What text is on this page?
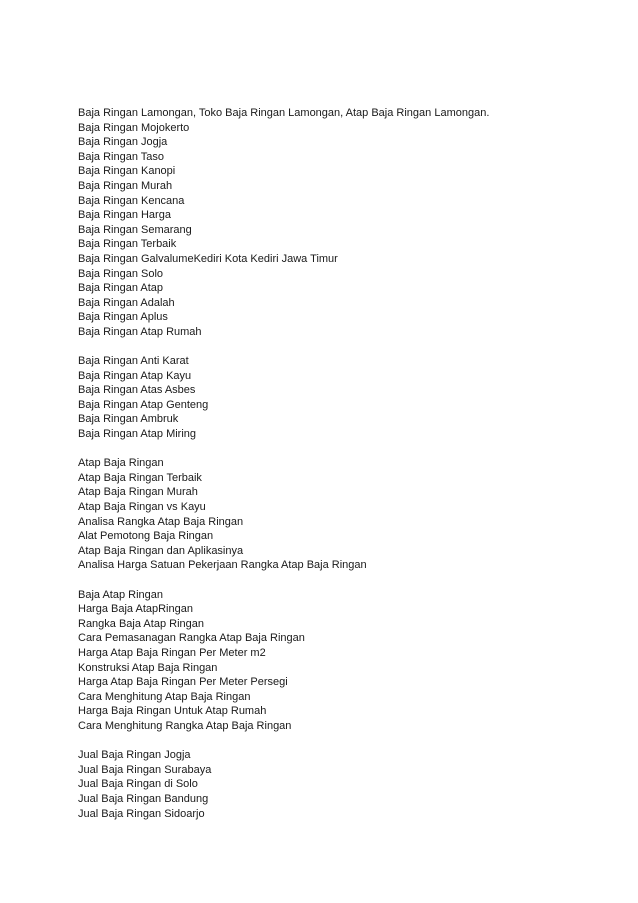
Baja Ringan Lamongan, Toko Baja Ringan Lamongan, Atap Baja Ringan Lamongan.
Baja Ringan Mojokerto
Baja Ringan Jogja
Baja Ringan Taso
Baja Ringan Kanopi
Baja Ringan Murah
Baja Ringan Kencana
Baja Ringan Harga
Baja Ringan Semarang
Baja Ringan Terbaik
Baja Ringan GalvalumeKediri Kota Kediri Jawa Timur
Baja Ringan Solo
Baja Ringan Atap
Baja Ringan Adalah
Baja Ringan Aplus
Baja Ringan Atap Rumah
Baja Ringan Anti Karat
Baja Ringan Atap Kayu
Baja Ringan Atas Asbes
Baja Ringan Atap Genteng
Baja Ringan Ambruk
Baja Ringan Atap Miring
Atap Baja Ringan
Atap Baja Ringan Terbaik
Atap Baja Ringan Murah
Atap Baja Ringan vs Kayu
Analisa Rangka Atap Baja Ringan
Alat Pemotong Baja Ringan
Atap Baja Ringan dan Aplikasinya
Analisa Harga Satuan Pekerjaan Rangka Atap Baja Ringan
Baja Atap Ringan
Harga Baja AtapRingan
Rangka Baja Atap Ringan
Cara Pemasanagan Rangka Atap Baja Ringan
Harga Atap Baja Ringan Per Meter m2
Konstruksi Atap Baja Ringan
Harga Atap Baja Ringan Per Meter Persegi
Cara Menghitung Atap Baja Ringan
Harga Baja Ringan Untuk Atap Rumah
Cara Menghitung Rangka Atap Baja Ringan
Jual Baja Ringan Jogja
Jual Baja Ringan Surabaya
Jual Baja Ringan di Solo
Jual Baja Ringan Bandung
Jual Baja Ringan Sidoarjo
